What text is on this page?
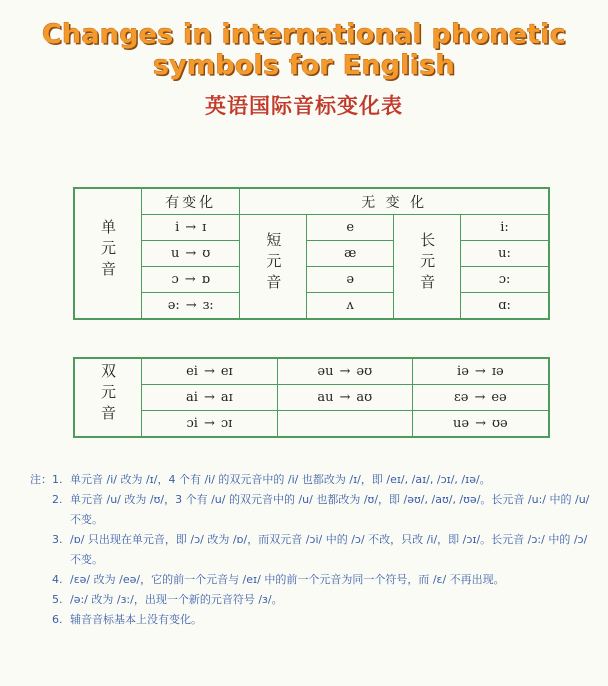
Changes in international phonetic
symbols for English
英语国际音标变化表
单元音	有变化	无 变 化			
	i → ɪ	短元音	e	长元音	i:
	u → ʊ		æ		u:
	ɔ → ɒ		ə		ɔ:
	ə: → ɜ:		ʌ		ɑ:
双元音	ei → eɪ	əu → əʊ	iə → ɪə
	ai → aɪ	au → aʊ	ɛə → eə
	ɔi → ɔɪ		uə → ʊə
注： 1. 单元音 /i/ 改为 /ɪ/，4 个有 /i/ 的双元音中的 /i/ 也都改为 /ɪ/，即 /eɪ/, /aɪ/, /ɔɪ/, /ɪə/。
2. 单元音 /u/ 改为 /ʊ/，3 个有 /u/ 的双元音中的 /u/ 也都改为 /ʊ/，即 /əʊ/, /aʊ/, /ʊə/。长元音 /u:/ 中的 /u/ 不变。
3. /ɒ/ 只出现在单元音，即 /ɔ/ 改为 /ɒ/，而双元音 /ɔi/ 中的 /ɔ/ 不改，只改 /i/，即 /ɔɪ/。长元音 /ɔ:/ 中的 /ɔ/ 不变。
4. /ɛə/ 改为 /eə/，它的前一个元音与 /eɪ/ 中的前一个元音为同一个符号，而 /ɛ/ 不再出现。
5. /ə:/ 改为 /ɜ:/，出现一个新的元音符号 /ɜ/。
6. 辅音音标基本上没有变化。
